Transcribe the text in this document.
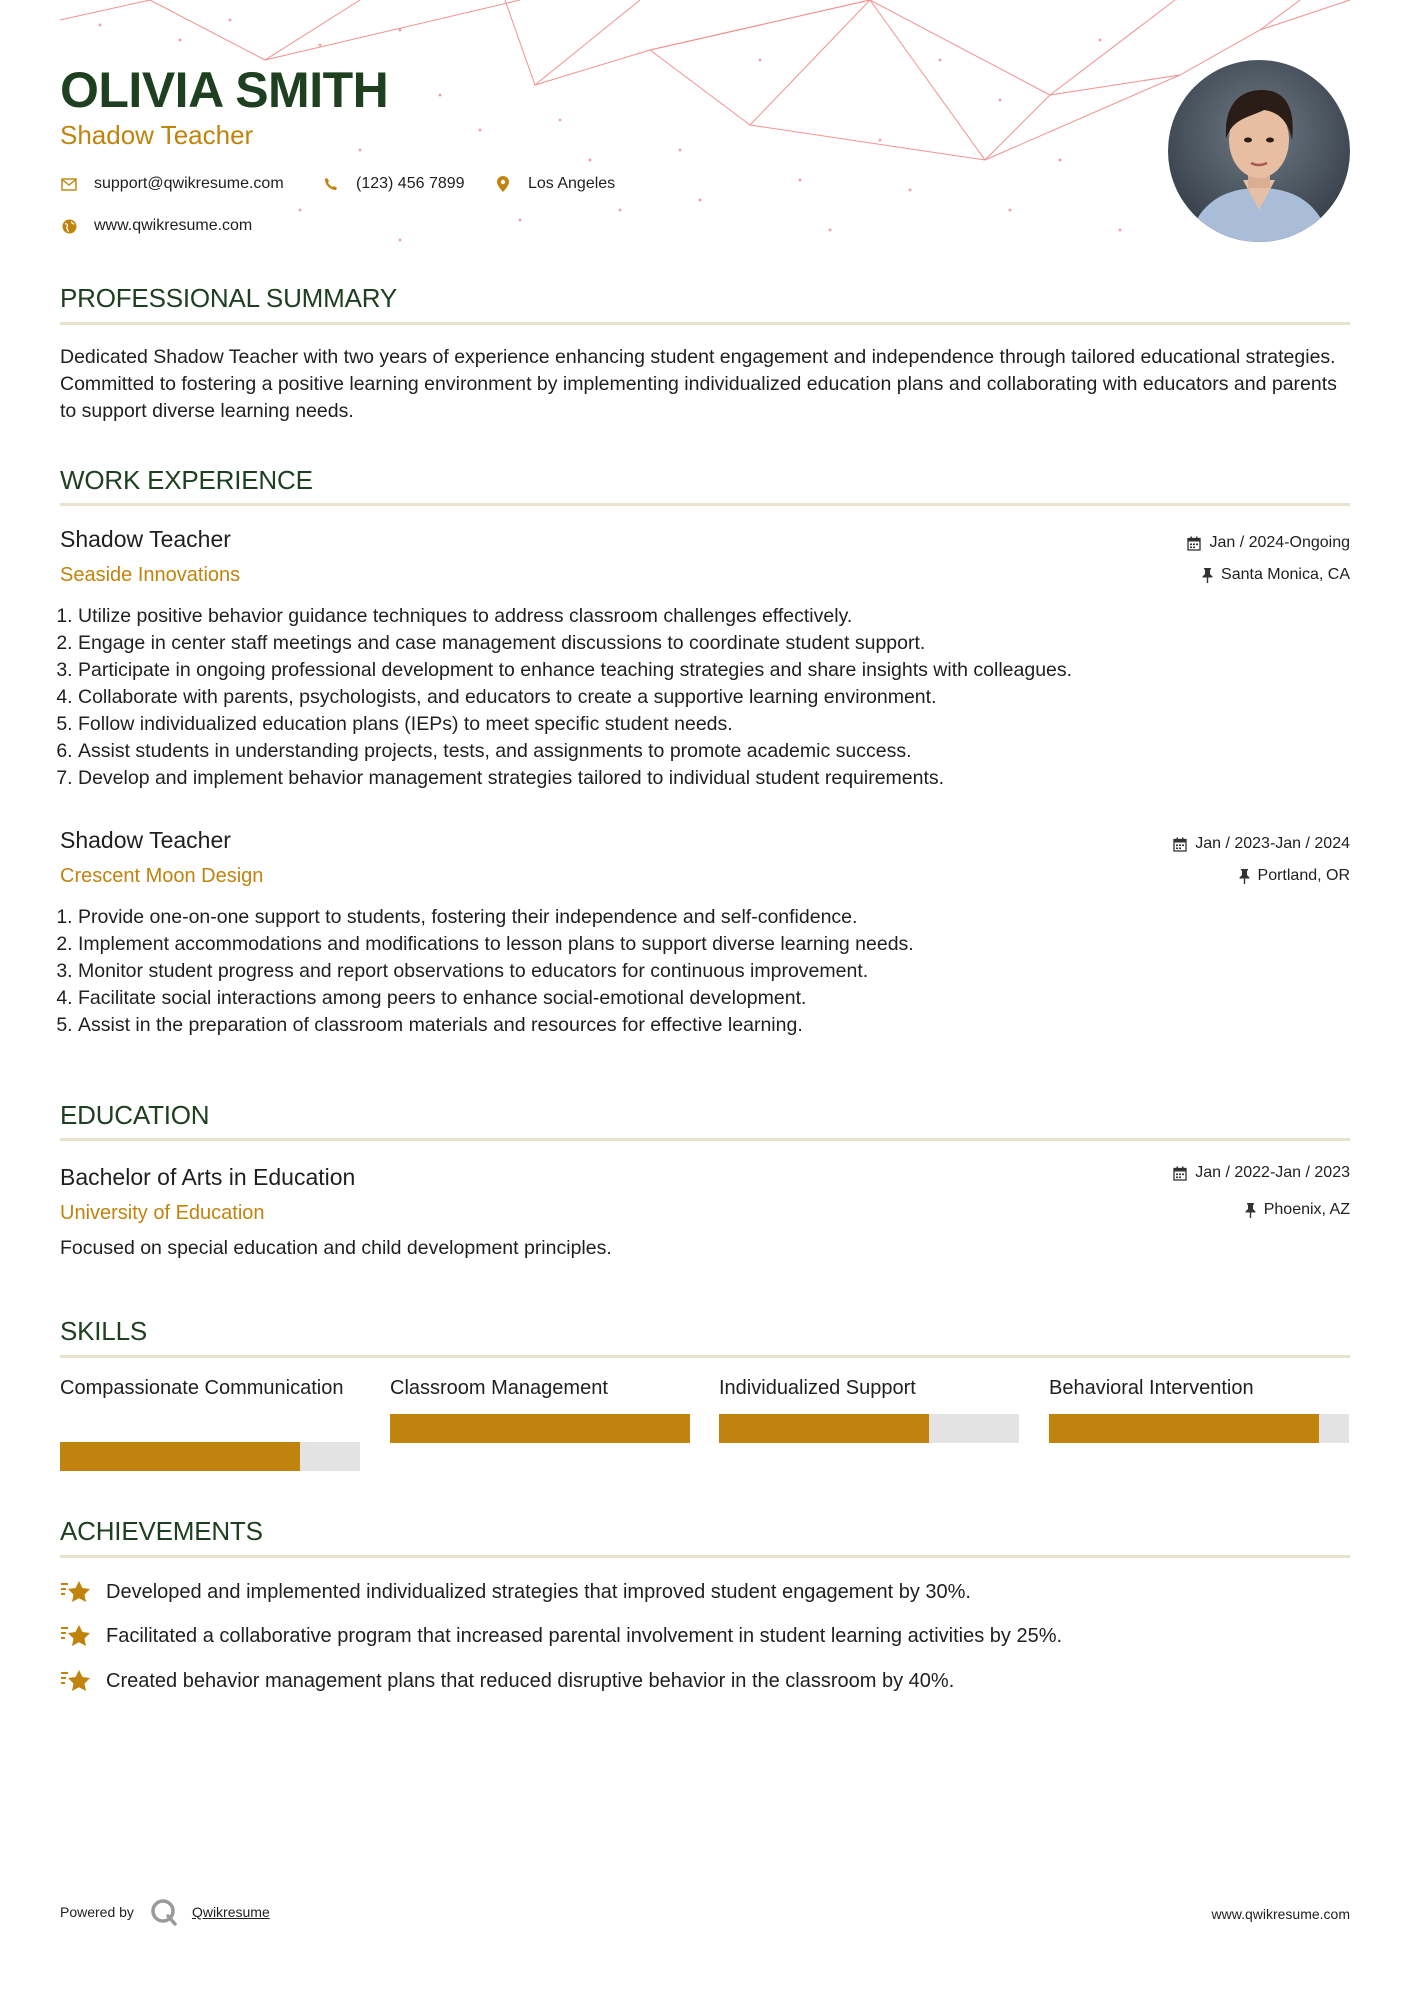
OLIVIA SMITH
Shadow Teacher
support@qwikresume.com	(123) 456 7899	Los Angeles
www.qwikresume.com
PROFESSIONAL SUMMARY

Dedicated Shadow Teacher with two years of experience enhancing student engagement and independence through tailored educational strategies. Committed to fostering a positive learning environment by implementing individualized education plans and collaborating with educators and parents to support diverse learning needs.

WORK EXPERIENCE
Shadow Teacher
Seaside Innovations
Jan / 2024-Ongoing
Santa Monica, CA
1. Utilize positive behavior guidance techniques to address classroom challenges effectively.
2. Engage in center staff meetings and case management discussions to coordinate student support.
3. Participate in ongoing professional development to enhance teaching strategies and share insights with colleagues.
4. Collaborate with parents, psychologists, and educators to create a supportive learning environment.
5. Follow individualized education plans (IEPs) to meet specific student needs.
6. Assist students in understanding projects, tests, and assignments to promote academic success.
7. Develop and implement behavior management strategies tailored to individual student requirements.
Shadow Teacher
Crescent Moon Design
Jan / 2023-Jan / 2024
Portland, OR
1. Provide one-on-one support to students, fostering their independence and self-confidence.
2. Implement accommodations and modifications to lesson plans to support diverse learning needs.
3. Monitor student progress and report observations to educators for continuous improvement.
4. Facilitate social interactions among peers to enhance social-emotional development.
5. Assist in the preparation of classroom materials and resources for effective learning.
EDUCATION
Bachelor of Arts in Education
University of Education
Jan / 2022-Jan / 2023
Phoenix, AZ
Focused on special education and child development principles.
SKILLS
Compassionate Communication	Classroom Management	Individualized Support	Behavioral Intervention
ACHIEVEMENTS
Developed and implemented individualized strategies that improved student engagement by 30%.
Facilitated a collaborative program that increased parental involvement in student learning activities by 25%.
Created behavior management plans that reduced disruptive behavior in the classroom by 40%.
Powered by	Qwikresume	www.qwikresume.com
